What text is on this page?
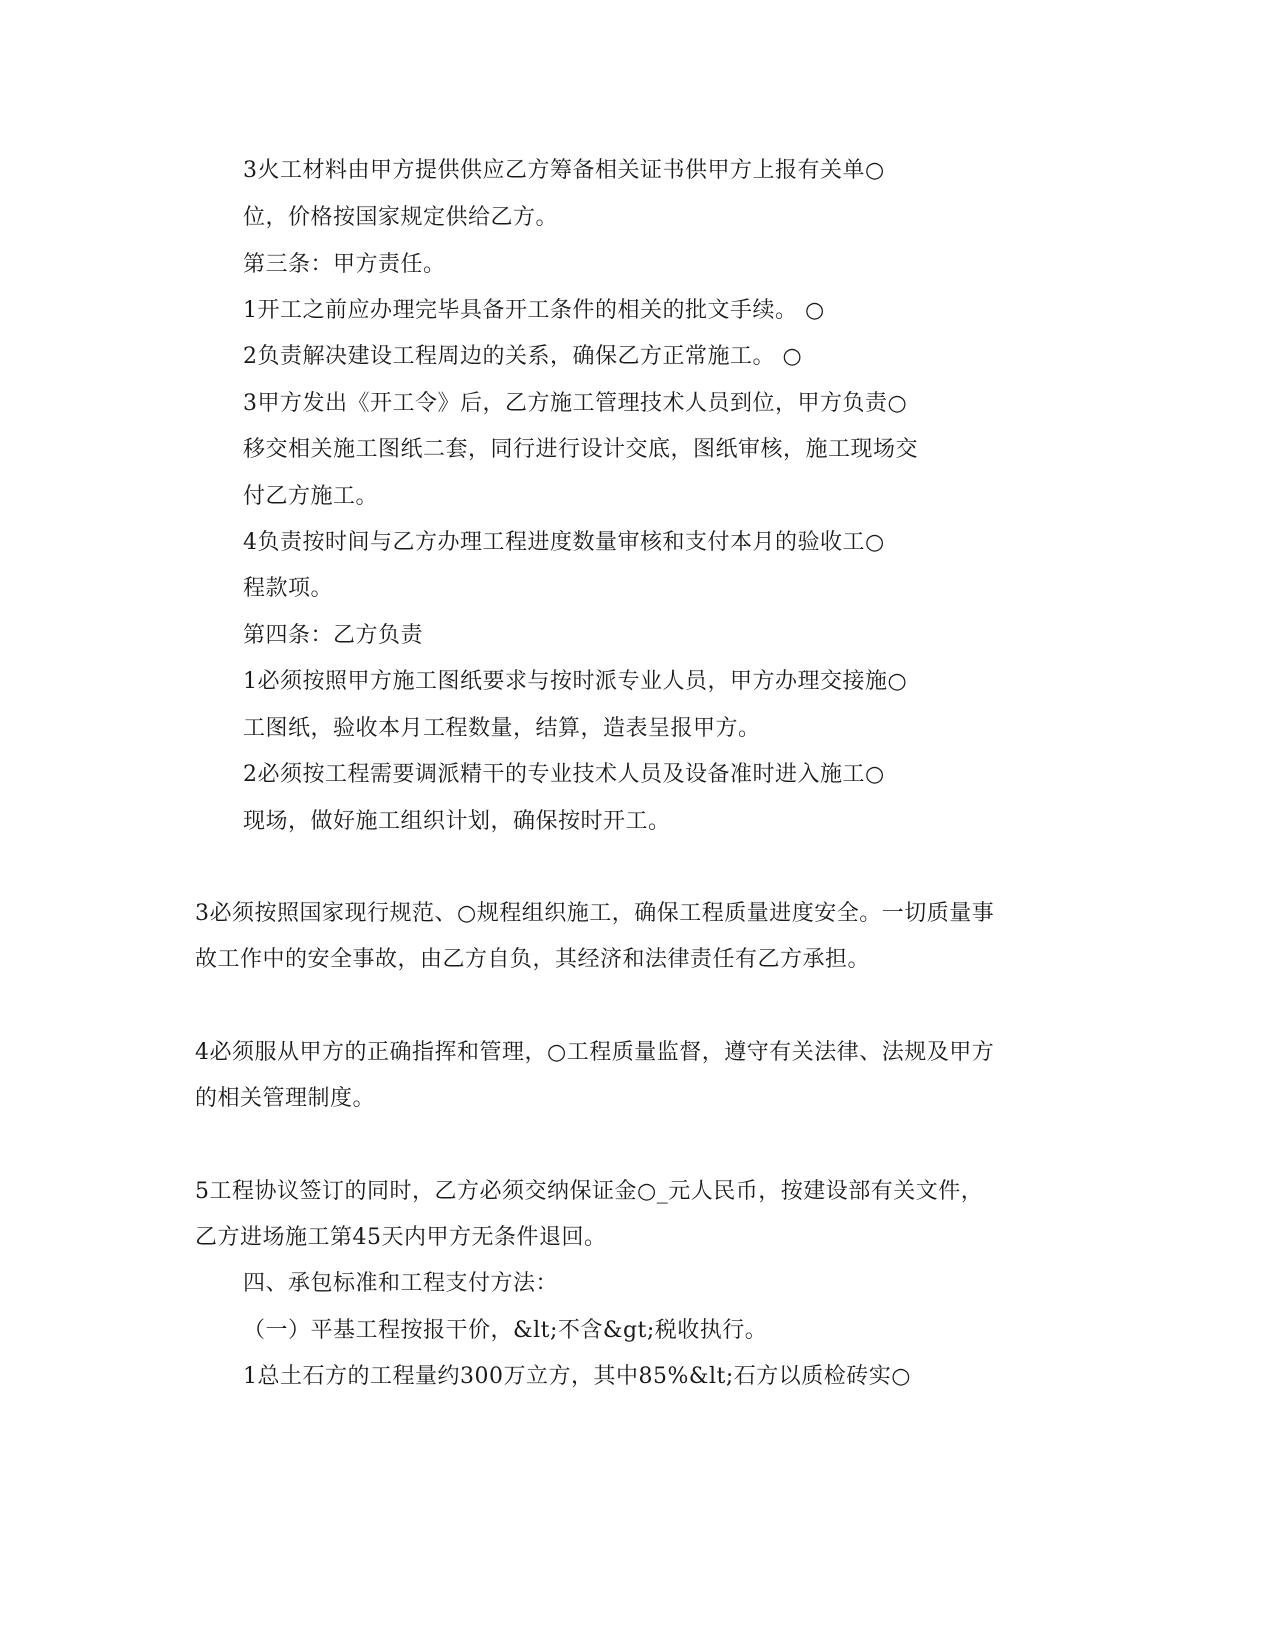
3火工材料由甲方提供供应乙方筹备相关证书供甲方上报有关单○
位，价格按国家规定供给乙方。
第三条：甲方责任。
1开工之前应办理完毕具备开工条件的相关的批文手续。 ○
2负责解决建设工程周边的关系，确保乙方正常施工。 ○
3甲方发出《开工令》后，乙方施工管理技术人员到位，甲方负责○
移交相关施工图纸二套，同行进行设计交底，图纸审核，施工现场交
付乙方施工。
4负责按时间与乙方办理工程进度数量审核和支付本月的验收工○
程款项。
第四条：乙方负责
1必须按照甲方施工图纸要求与按时派专业人员，甲方办理交接施○
工图纸，验收本月工程数量，结算，造表呈报甲方。
2必须按工程需要调派精干的专业技术人员及设备准时进入施工○
现场，做好施工组织计划，确保按时开工。
3必须按照国家现行规范、○规程组织施工，确保工程质量进度安全。一切质量事
故工作中的安全事故，由乙方自负，其经济和法律责任有乙方承担。
4必须服从甲方的正确指挥和管理，○工程质量监督，遵守有关法律、法规及甲方
的相关管理制度。
5工程协议签订的同时，乙方必须交纳保证金○_元人民币，按建设部有关文件，
乙方进场施工第45天内甲方无条件退回。
四、承包标准和工程支付方法：
（一）平基工程按报干价，&lt;不含&gt;税收执行。
1总土石方的工程量约300万立方，其中85%&lt;石方以质检砖实○
